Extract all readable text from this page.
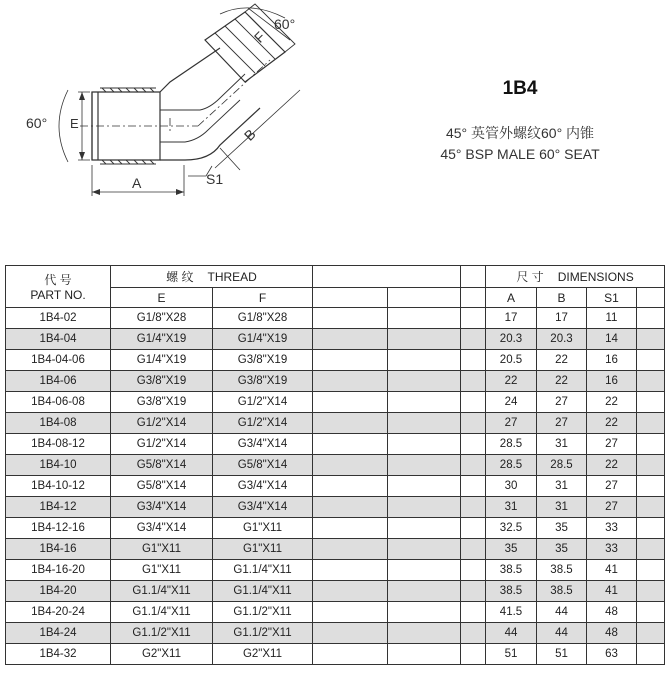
60°
60°
F
E
B
A	S1
1B4
45° 英管外螺纹60° 内锥
45° BSP MALE 60° SEAT
代 号
PART NO.	螺 纹 THREAD					尺 寸 DIMENSIONS			
	E	F				A	B	S1	
1B4-02	G1/8"X28	G1/8"X28				17	17	11	
1B4-04	G1/4"X19	G1/4"X19				20.3	20.3	14	
1B4-04-06	G1/4"X19	G3/8"X19				20.5	22	16	
1B4-06	G3/8"X19	G3/8"X19				22	22	16	
1B4-06-08	G3/8"X19	G1/2"X14				24	27	22	
1B4-08	G1/2"X14	G1/2"X14				27	27	22	
1B4-08-12	G1/2"X14	G3/4"X14				28.5	31	27	
1B4-10	G5/8"X14	G5/8"X14				28.5	28.5	22	
1B4-10-12	G5/8"X14	G3/4"X14				30	31	27	
1B4-12	G3/4"X14	G3/4"X14				31	31	27	
1B4-12-16	G3/4"X14	G1"X11				32.5	35	33	
1B4-16	G1"X11	G1"X11				35	35	33	
1B4-16-20	G1"X11	G1.1/4"X11				38.5	38.5	41	
1B4-20	G1.1/4"X11	G1.1/4"X11				38.5	38.5	41	
1B4-20-24	G1.1/4"X11	G1.1/2"X11				41.5	44	48	
1B4-24	G1.1/2"X11	G1.1/2"X11				44	44	48	
1B4-32	G2"X11	G2"X11				51	51	63	
